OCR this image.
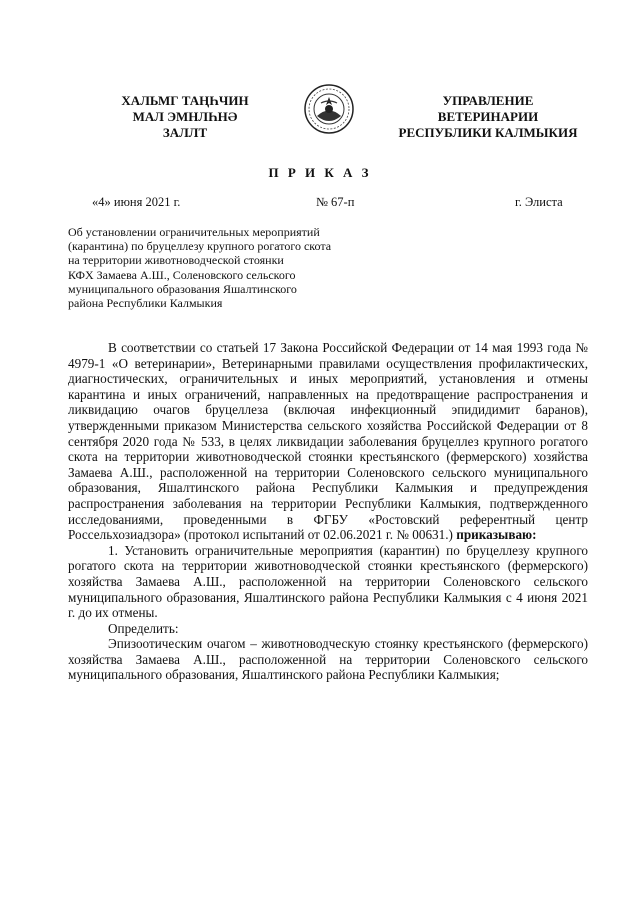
ХАЛЬМГ ТАҢҺЧИН
МАЛ ЭМНЛҺНӘ
ЗАЛЛТ
УПРАВЛЕНИЕ
ВЕТЕРИНАРИИ
РЕСПУБЛИКИ КАЛМЫКИЯ
П Р И К А З
«4» июня 2021 г.	№ 67-п	г. Элиста
Об установлении ограничительных мероприятий
(карантина) по бруцеллезу крупного рогатого скота
на территории животноводческой стоянки
КФХ Замаева А.Ш., Соленовского сельского
муниципального образования Яшалтинского
района Республики Калмыкия

В соответствии со статьей 17 Закона Российской Федерации от 14 мая 1993 года № 4979-1 «О ветеринарии», Ветеринарными правилами осуществления профилактических, диагностических, ограничительных и иных мероприятий, установления и отмены карантина и иных ограничений, направленных на предотвращение распространения и ликвидацию очагов бруцеллеза (включая инфекционный эпидидимит баранов), утвержденными приказом Министерства сельского хозяйства Российской Федерации от 8 сентября 2020 года № 533, в целях ликвидации заболевания бруцеллез крупного рогатого скота на территории животноводческой стоянки крестьянского (фермерского) хозяйства Замаева А.Ш., расположенной на территории Соленовского сельского муниципального образования, Яшалтинского района Республики Калмыкия и предупреждения распространения заболевания на территории Республики Калмыкия, подтвержденного исследованиями, проведенными в ФГБУ «Ростовский референтный центр Россельхозиадзора» (протокол испытаний от 02.06.2021 г. № 00631.) приказываю:

1. Установить ограничительные мероприятия (карантин) по бруцеллезу крупного рогатого скота на территории животноводческой стоянки крестьянского (фермерского) хозяйства Замаева А.Ш., расположенной на территории Соленовского сельского муниципального образования, Яшалтинского района Республики Калмыкия с 4 июня 2021 г. до их отмены.

Определить:

Эпизоотическим очагом – животноводческую стоянку крестьянского (фермерского) хозяйства Замаева А.Ш., расположенной на территории Соленовского сельского муниципального образования, Яшалтинского района Республики Калмыкия;
